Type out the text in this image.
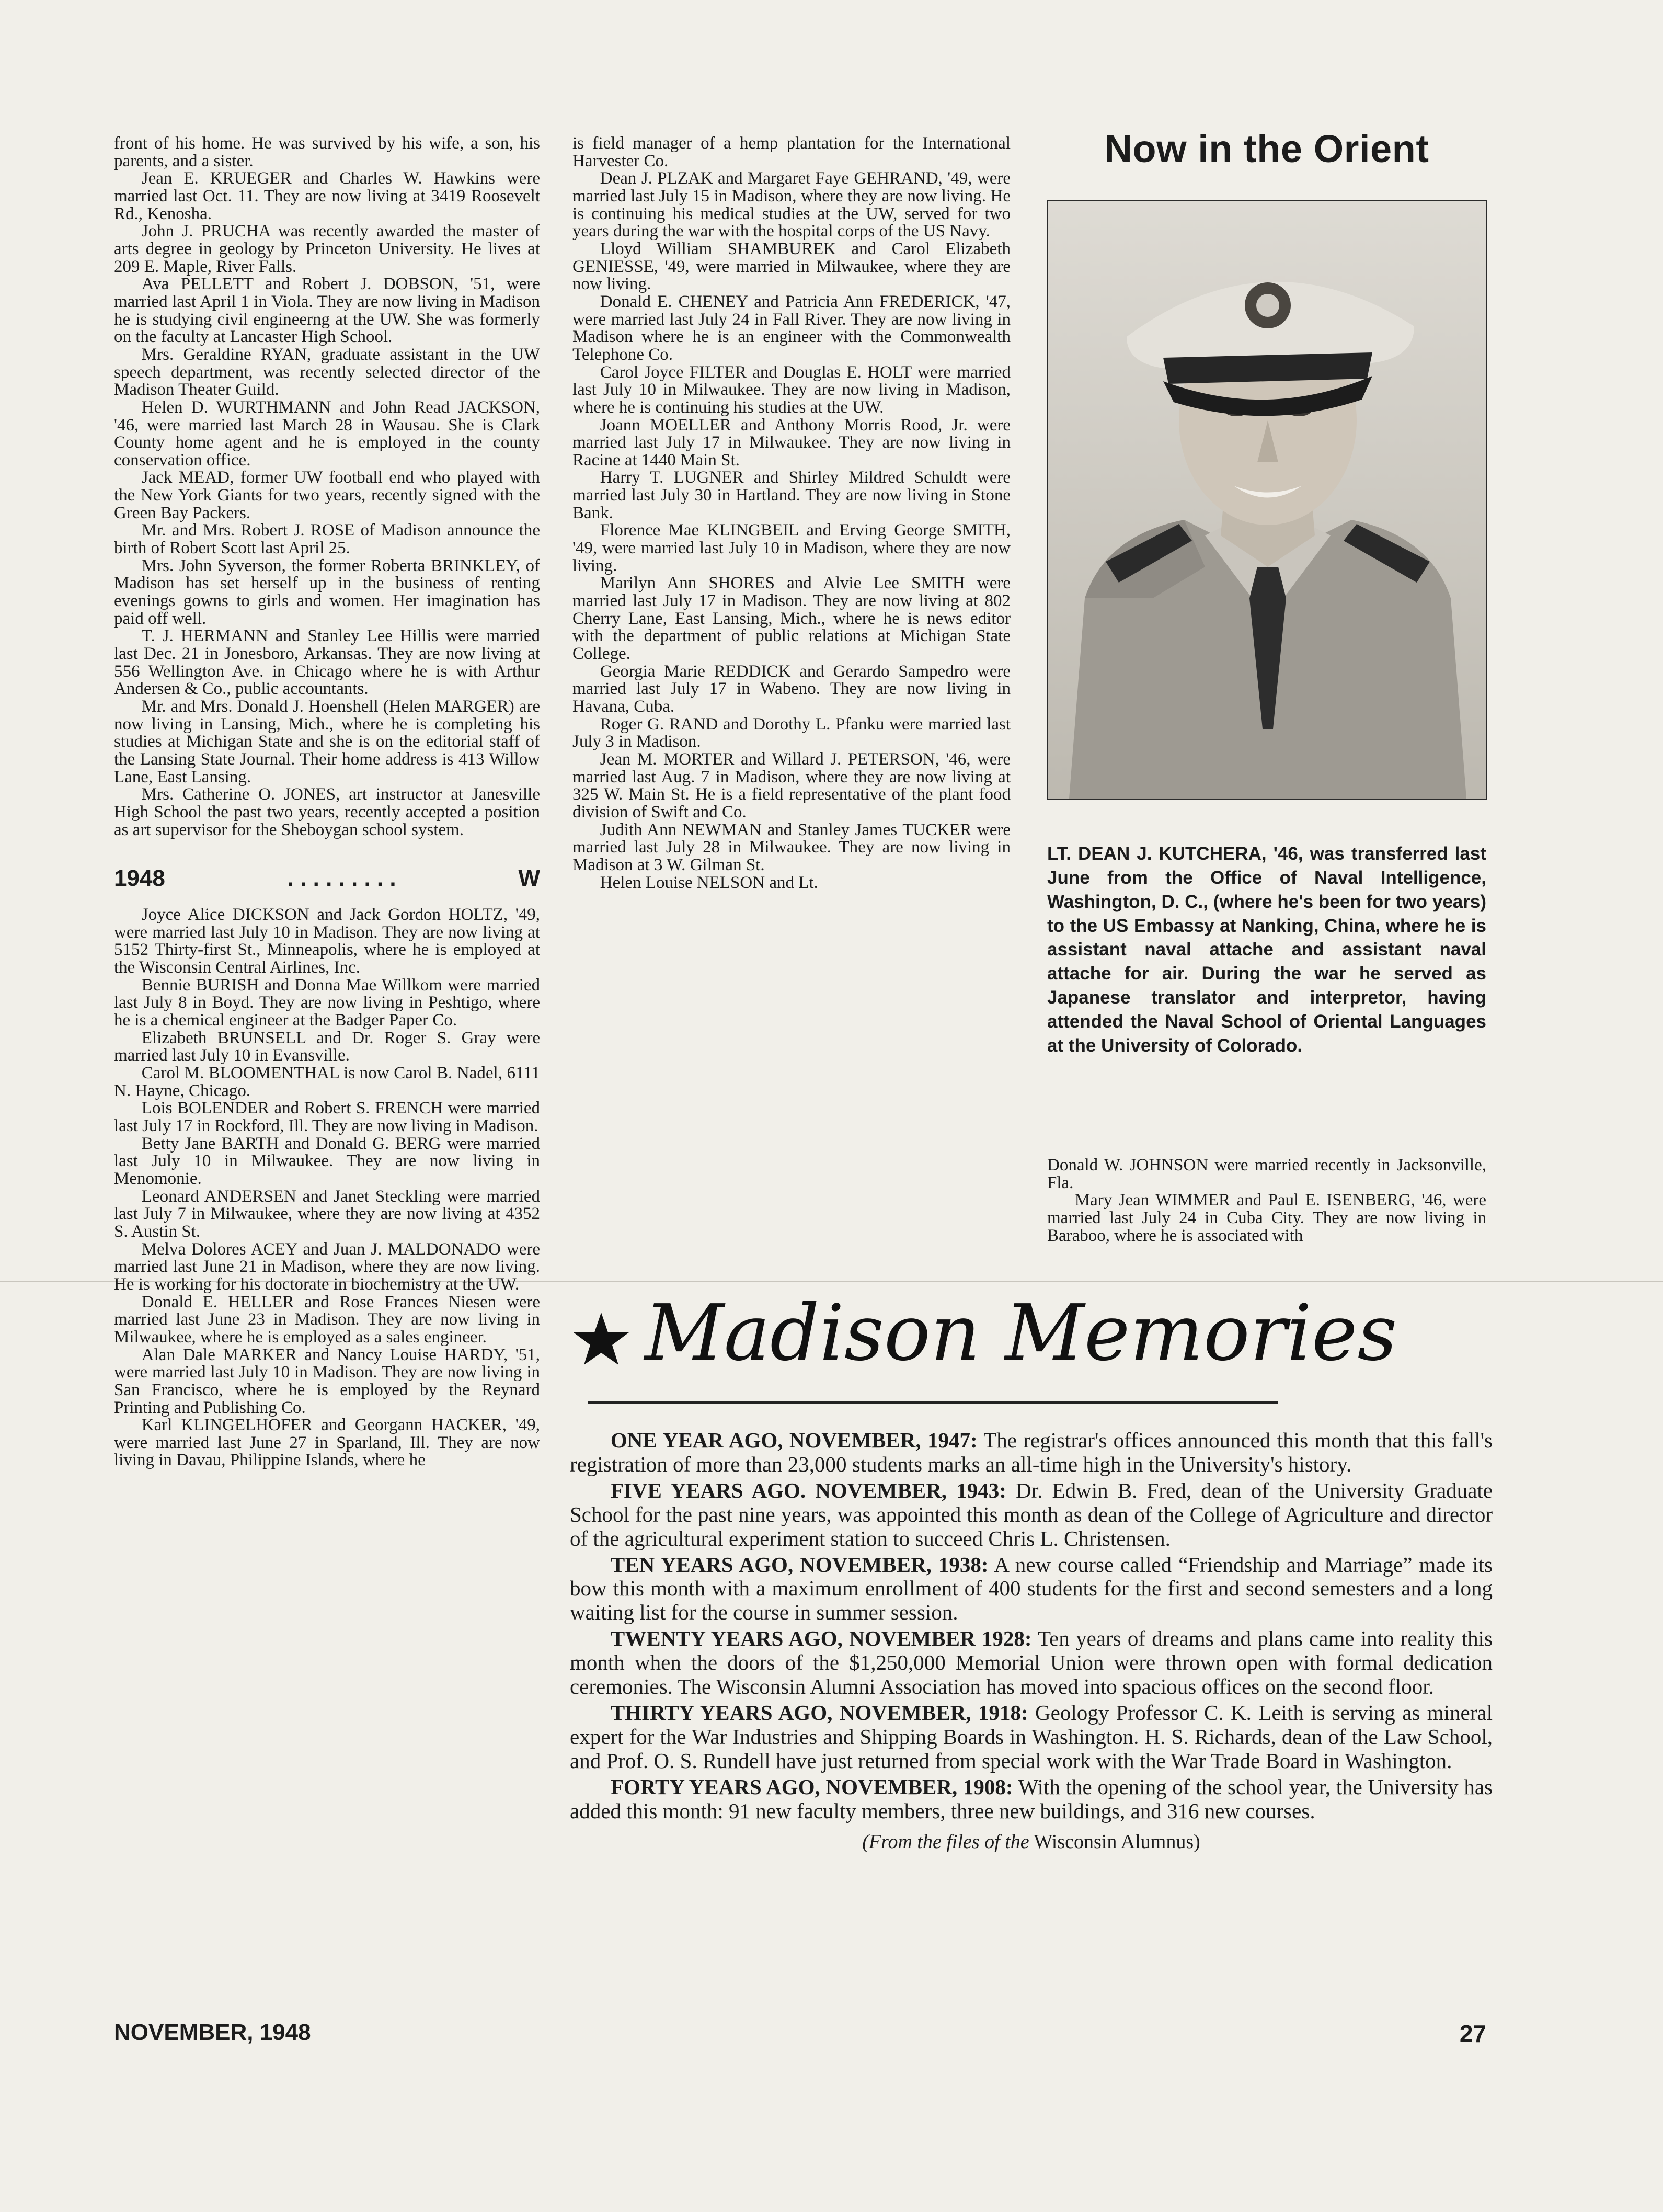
front of his home. He was survived by his wife, a son, his parents, and a sister.

Jean E. KRUEGER and Charles W. Hawkins were married last Oct. 11. They are now living at 3419 Roosevelt Rd., Kenosha.

John J. PRUCHA was recently awarded the master of arts degree in geology by Princeton University. He lives at 209 E. Maple, River Falls.

Ava PELLETT and Robert J. DOBSON, '51, were married last April 1 in Viola. They are now living in Madison he is studying civil engineerng at the UW. She was formerly on the faculty at Lancaster High School.

Mrs. Geraldine RYAN, graduate assistant in the UW speech department, was recently selected director of the Madison Theater Guild.

Helen D. WURTHMANN and John Read JACKSON, '46, were married last March 28 in Wausau. She is Clark County home agent and he is employed in the county conservation office.

Jack MEAD, former UW football end who played with the New York Giants for two years, recently signed with the Green Bay Packers.

Mr. and Mrs. Robert J. ROSE of Madison announce the birth of Robert Scott last April 25.

Mrs. John Syverson, the former Roberta BRINKLEY, of Madison has set herself up in the business of renting evenings gowns to girls and women. Her imagination has paid off well.

T. J. HERMANN and Stanley Lee Hillis were married last Dec. 21 in Jonesboro, Arkansas. They are now living at 556 Wellington Ave. in Chicago where he is with Arthur Andersen & Co., public accountants.

Mr. and Mrs. Donald J. Hoenshell (Helen MARGER) are now living in Lansing, Mich., where he is completing his studies at Michigan State and she is on the editorial staff of the Lansing State Journal. Their home address is 413 Willow Lane, East Lansing.

Mrs. Catherine O. JONES, art instructor at Janesville High School the past two years, recently accepted a position as art supervisor for the Sheboygan school system.

1948	. . . . . . . . .	W

Joyce Alice DICKSON and Jack Gordon HOLTZ, '49, were married last July 10 in Madison. They are now living at 5152 Thirty-first St., Minneapolis, where he is employed at the Wisconsin Central Airlines, Inc.

Bennie BURISH and Donna Mae Willkom were married last July 8 in Boyd. They are now living in Peshtigo, where he is a chemical engineer at the Badger Paper Co.

Elizabeth BRUNSELL and Dr. Roger S. Gray were married last July 10 in Evansville.

Carol M. BLOOMENTHAL is now Carol B. Nadel, 6111 N. Hayne, Chicago.

Lois BOLENDER and Robert S. FRENCH were married last July 17 in Rockford, Ill. They are now living in Madison.

Betty Jane BARTH and Donald G. BERG were married last July 10 in Milwaukee. They are now living in Menomonie.

Leonard ANDERSEN and Janet Steckling were married last July 7 in Milwaukee, where they are now living at 4352 S. Austin St.

Melva Dolores ACEY and Juan J. MALDONADO were married last June 21 in Madison, where they are now living. He is working for his doctorate in biochemistry at the UW.

Donald E. HELLER and Rose Frances Niesen were married last June 23 in Madison. They are now living in Milwaukee, where he is employed as a sales engineer.

Alan Dale MARKER and Nancy Louise HARDY, '51, were married last July 10 in Madison. They are now living in San Francisco, where he is employed by the Reynard Printing and Publishing Co.

Karl KLINGELHOFER and Georgann HACKER, '49, were married last June 27 in Sparland, Ill. They are now living in Davau, Philippine Islands, where he

is field manager of a hemp plantation for the International Harvester Co.

Dean J. PLZAK and Margaret Faye GEHRAND, '49, were married last July 15 in Madison, where they are now living. He is continuing his medical studies at the UW, served for two years during the war with the hospital corps of the US Navy.

Lloyd William SHAMBUREK and Carol Elizabeth GENIESSE, '49, were married in Milwaukee, where they are now living.

Donald E. CHENEY and Patricia Ann FREDERICK, '47, were married last July 24 in Fall River. They are now living in Madison where he is an engineer with the Commonwealth Telephone Co.

Carol Joyce FILTER and Douglas E. HOLT were married last July 10 in Milwaukee. They are now living in Madison, where he is continuing his studies at the UW.

Joann MOELLER and Anthony Morris Rood, Jr. were married last July 17 in Milwaukee. They are now living in Racine at 1440 Main St.

Harry T. LUGNER and Shirley Mildred Schuldt were married last July 30 in Hartland. They are now living in Stone Bank.

Florence Mae KLINGBEIL and Erving George SMITH, '49, were married last July 10 in Madison, where they are now living.

Marilyn Ann SHORES and Alvie Lee SMITH were married last July 17 in Madison. They are now living at 802 Cherry Lane, East Lansing, Mich., where he is news editor with the department of public relations at Michigan State College.

Georgia Marie REDDICK and Gerardo Sampedro were married last July 17 in Wabeno. They are now living in Havana, Cuba.

Roger G. RAND and Dorothy L. Pfanku were married last July 3 in Madison.

Jean M. MORTER and Willard J. PETERSON, '46, were married last Aug. 7 in Madison, where they are now living at 325 W. Main St. He is a field representative of the plant food division of Swift and Co.

Judith Ann NEWMAN and Stanley James TUCKER were married last July 28 in Milwaukee. They are now living in Madison at 3 W. Gilman St.

Helen Louise NELSON and Lt.

Now in the Orient
LT. DEAN J. KUTCHERA, '46, was transferred last June from the Office of Naval Intelligence, Washington, D. C., (where he's been for two years) to the US Embassy at Nanking, China, where he is assistant naval attache and assistant naval attache for air. During the war he served as Japanese translator and interpretor, having attended the Naval School of Oriental Languages at the University of Colorado.

Donald W. JOHNSON were married recently in Jacksonville, Fla.

Mary Jean WIMMER and Paul E. ISENBERG, '46, were married last July 24 in Cuba City. They are now living in Baraboo, where he is associated with

Madison Memories

ONE YEAR AGO, NOVEMBER, 1947: The registrar's offices announced this month that this fall's registration of more than 23,000 students marks an all-time high in the University's history.

FIVE YEARS AGO. NOVEMBER, 1943: Dr. Edwin B. Fred, dean of the University Graduate School for the past nine years, was appointed this month as dean of the College of Agriculture and director of the agricultural experiment station to succeed Chris L. Christensen.

TEN YEARS AGO, NOVEMBER, 1938: A new course called “Friendship and Marriage” made its bow this month with a maximum enrollment of 400 students for the first and second semesters and a long waiting list for the course in summer session.

TWENTY YEARS AGO, NOVEMBER 1928: Ten years of dreams and plans came into reality this month when the doors of the $1,250,000 Memorial Union were thrown open with formal dedication ceremonies. The Wisconsin Alumni Association has moved into spacious offices on the second floor.

THIRTY YEARS AGO, NOVEMBER, 1918: Geology Professor C. K. Leith is serving as mineral expert for the War Industries and Shipping Boards in Washington. H. S. Richards, dean of the Law School, and Prof. O. S. Rundell have just returned from special work with the War Trade Board in Washington.

FORTY YEARS AGO, NOVEMBER, 1908: With the opening of the school year, the University has added this month: 91 new faculty members, three new buildings, and 316 new courses.

(From the files of the Wisconsin Alumnus)

NOVEMBER, 1948	27
